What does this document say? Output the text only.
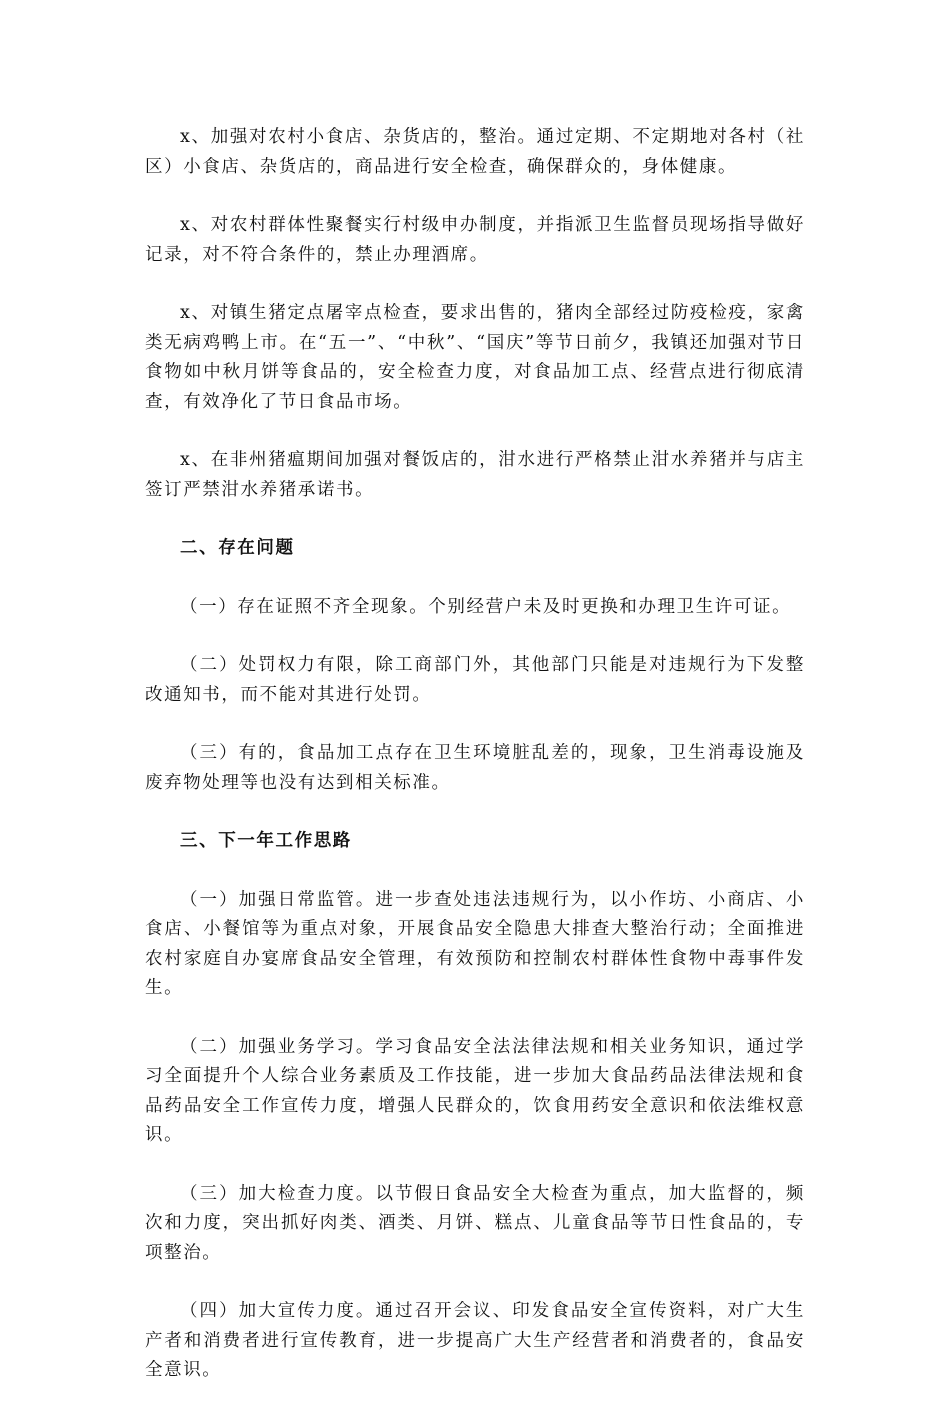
x、加强对农村小食店、杂货店的，整治。通过定期、不定期地对各村（社区）小食店、杂货店的，商品进行安全检查，确保群众的，身体健康。

x、对农村群体性聚餐实行村级申办制度，并指派卫生监督员现场指导做好记录，对不符合条件的，禁止办理酒席。

x、对镇生猪定点屠宰点检查，要求出售的，猪肉全部经过防疫检疫，家禽类无病鸡鸭上市。在“五一”、“中秋”、“国庆”等节日前夕，我镇还加强对节日食物如中秋月饼等食品的，安全检查力度，对食品加工点、经营点进行彻底清查，有效净化了节日食品市场。

x、在非州猪瘟期间加强对餐饭店的，泔水进行严格禁止泔水养猪并与店主签订严禁泔水养猪承诺书。

二、存在问题

（一）存在证照不齐全现象。个别经营户未及时更换和办理卫生许可证。

（二）处罚权力有限，除工商部门外，其他部门只能是对违规行为下发整改通知书，而不能对其进行处罚。

（三）有的，食品加工点存在卫生环境脏乱差的，现象，卫生消毒设施及废弃物处理等也没有达到相关标准。

三、下一年工作思路

（一）加强日常监管。进一步查处违法违规行为，以小作坊、小商店、小食店、小餐馆等为重点对象，开展食品安全隐患大排查大整治行动；全面推进农村家庭自办宴席食品安全管理，有效预防和控制农村群体性食物中毒事件发生。

（二）加强业务学习。学习食品安全法法律法规和相关业务知识，通过学习全面提升个人综合业务素质及工作技能，进一步加大食品药品法律法规和食品药品安全工作宣传力度，增强人民群众的，饮食用药安全意识和依法维权意识。

（三）加大检查力度。以节假日食品安全大检查为重点，加大监督的，频次和力度，突出抓好肉类、酒类、月饼、糕点、儿童食品等节日性食品的，专项整治。

（四）加大宣传力度。通过召开会议、印发食品安全宣传资料，对广大生产者和消费者进行宣传教育，进一步提高广大生产经营者和消费者的，食品安全意识。
